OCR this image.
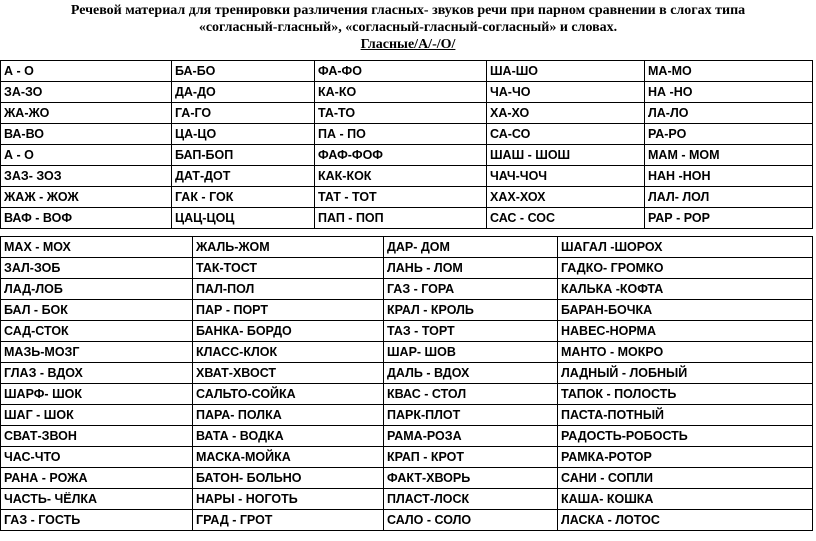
Речевой материал для тренировки различения гласных- звуков речи при парном сравнении в слогах типа
«согласный-гласный», «согласный-гласный-согласный» и словах.
Гласные/А/-/О/
А - О	БА-БО	ФА-ФО	ША-ШО	МА-МО
ЗА-ЗО	ДА-ДО	КА-КО	ЧА-ЧО	НА -НО
ЖА-ЖО	ГА-ГО	ТА-ТО	ХА-ХО	ЛА-ЛО
ВА-ВО	ЦА-ЦО	ПА - ПО	СА-СО	РА-РО
А - О	БАП-БОП	ФАФ-ФОФ	ШАШ - ШОШ	МАМ - МОМ
ЗАЗ- ЗОЗ	ДАТ-ДОТ	КАК-КОК	ЧАЧ-ЧОЧ	НАН -НОН
ЖАЖ - ЖОЖ	ГАК - ГОК	ТАТ - ТОТ	ХАХ-ХОХ	ЛАЛ- ЛОЛ
ВАФ - ВОФ	ЦАЦ-ЦОЦ	ПАП - ПОП	САС - СОС	РАР - РОР
МАХ - МОХ	ЖАЛЬ-ЖОМ	ДАР- ДОМ	ШАГАЛ -ШОРОХ
ЗАЛ-ЗОБ	ТАК-ТОСТ	ЛАНЬ - ЛОМ	ГАДКО- ГРОМКО
ЛАД-ЛОБ	ПАЛ-ПОЛ	ГАЗ - ГОРА	КАЛЬКА -КОФТА
БАЛ - БОК	ПАР - ПОРТ	КРАЛ - КРОЛЬ	БАРАН-БОЧКА
САД-СТОК	БАНКА- БОРДО	ТАЗ - ТОРТ	НАВЕС-НОРМА
МАЗЬ-МОЗГ	КЛАСС-КЛОК	ШАР- ШОВ	МАНТО - МОКРО
ГЛАЗ - ВДОХ	ХВАТ-ХВОСТ	ДАЛЬ - ВДОХ	ЛАДНЫЙ - ЛОБНЫЙ
ШАРФ- ШОК	САЛЬТО-СОЙКА	КВАС - СТОЛ	ТАПОК - ПОЛОСТЬ
ШАГ - ШОК	ПАРА- ПОЛКА	ПАРК-ПЛОТ	ПАСТА-ПОТНЫЙ
СВАТ-ЗВОН	ВАТА - ВОДКА	РАМА-РОЗА	РАДОСТЬ-РОБОСТЬ
ЧАС-ЧТО	МАСКА-МОЙКА	КРАП - КРОТ	РАМКА-РОТОР
РАНА - РОЖА	БАТОН- БОЛЬНО	ФАКТ-ХВОРЬ	САНИ - СОПЛИ
ЧАСТЬ- ЧЁЛКА	НАРЫ - НОГОТЬ	ПЛАСТ-ЛОСК	КАША- КОШКА
ГАЗ - ГОСТЬ	ГРАД - ГРОТ	САЛО - СОЛО	ЛАСКА - ЛОТОС
